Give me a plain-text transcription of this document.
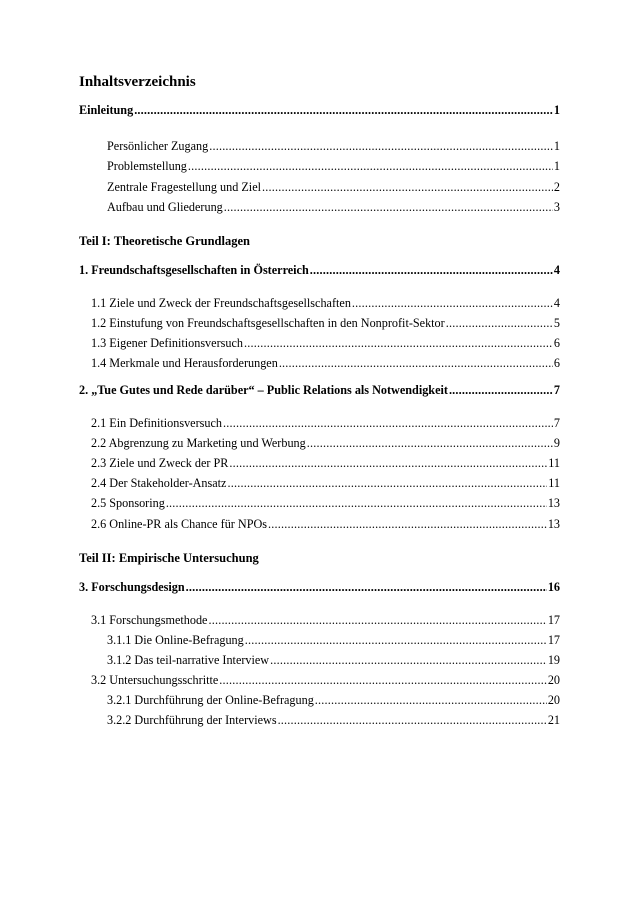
Inhaltsverzeichnis
Einleitung .....	1
Persönlicher Zugang .....	1
Problemstellung .....	1
Zentrale Fragestellung und Ziel .....	2
Aufbau und Gliederung .....	3
Teil I: Theoretische Grundlagen
1. Freundschaftsgesellschaften in Österreich .....	4
1.1 Ziele und Zweck der Freundschaftsgesellschaften .....	4
1.2 Einstufung von Freundschaftsgesellschaften in den Nonprofit-Sektor .....	5
1.3 Eigener Definitionsversuch .....	6
1.4 Merkmale und Herausforderungen .....	6
2. „Tue Gutes und Rede darüber“ – Public Relations als Notwendigkeit .....	7
2.1 Ein Definitionsversuch .....	7
2.2 Abgrenzung zu Marketing und Werbung .....	9
2.3 Ziele und Zweck der PR .....	11
2.4 Der Stakeholder-Ansatz .....	11
2.5 Sponsoring .....	13
2.6 Online-PR als Chance für NPOs .....	13
Teil II: Empirische Untersuchung
3. Forschungsdesign .....	16
3.1 Forschungsmethode .....	17
3.1.1 Die Online-Befragung .....	17
3.1.2 Das teil-narrative Interview .....	19
3.2 Untersuchungsschritte .....	20
3.2.1 Durchführung der Online-Befragung .....	20
3.2.2 Durchführung der Interviews .....	21
